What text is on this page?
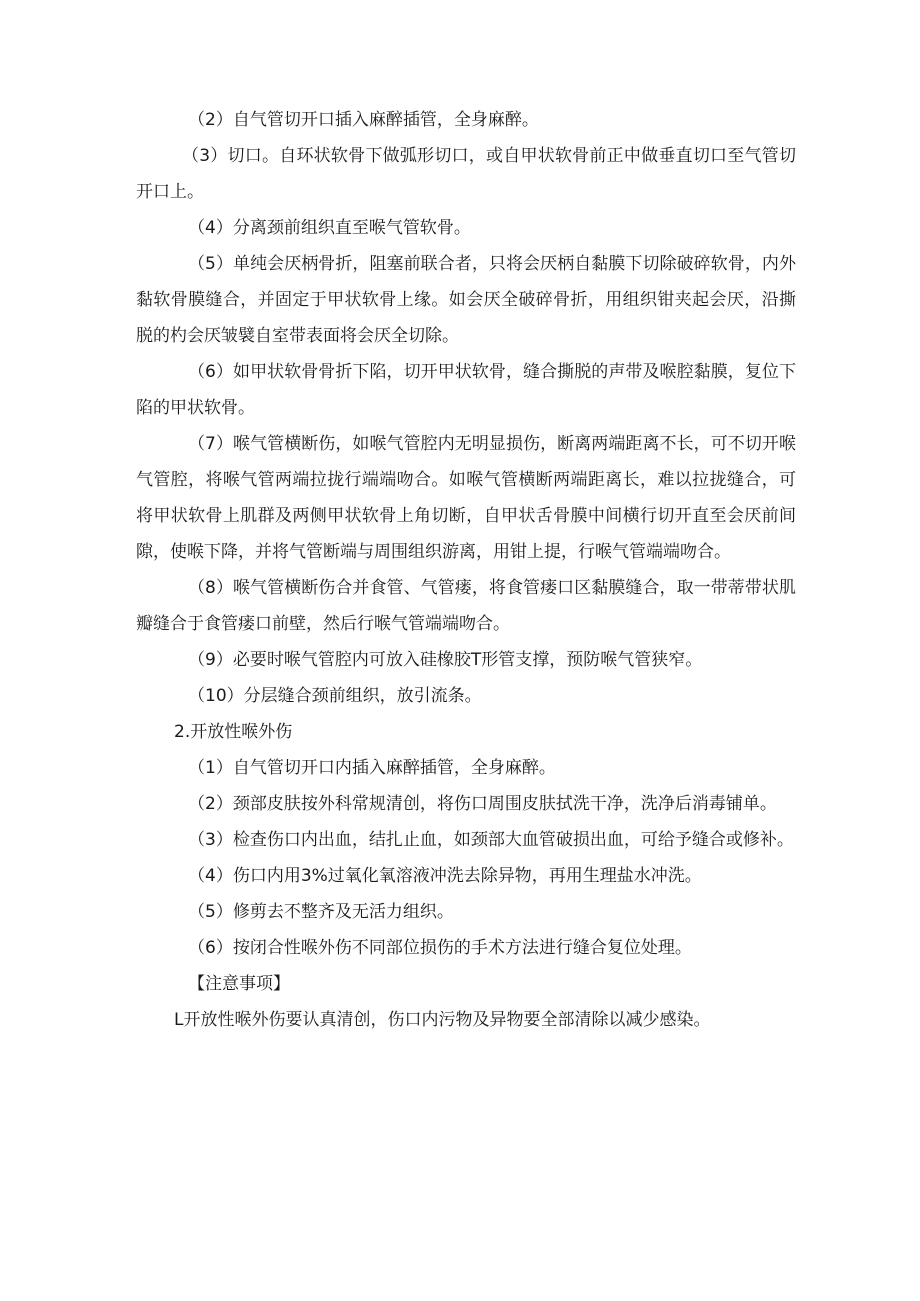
（2）自气管切开口插入麻醉插管，全身麻醉。

（3）切口。自环状软骨下做弧形切口，或自甲状软骨前正中做垂直切口至气管切开口上。

（4）分离颈前组织直至喉气管软骨。

（5）单纯会厌柄骨折，阻塞前联合者，只将会厌柄自黏膜下切除破碎软骨，内外黏软骨膜缝合，并固定于甲状软骨上缘。如会厌全破碎骨折，用组织钳夹起会厌，沿撕脱的杓会厌皱襞自室带表面将会厌全切除。

（6）如甲状软骨骨折下陷，切开甲状软骨，缝合撕脱的声带及喉腔黏膜，复位下陷的甲状软骨。

（7）喉气管横断伤，如喉气管腔内无明显损伤，断离两端距离不长，可不切开喉气管腔，将喉气管两端拉拢行端端吻合。如喉气管横断两端距离长，难以拉拢缝合，可将甲状软骨上肌群及两侧甲状软骨上角切断，自甲状舌骨膜中间横行切开直至会厌前间隙，使喉下降，并将气管断端与周围组织游离，用钳上提，行喉气管端端吻合。

（8）喉气管横断伤合并食管、气管瘘，将食管瘘口区黏膜缝合，取一带蒂带状肌瓣缝合于食管瘘口前壁，然后行喉气管端端吻合。

（9）必要时喉气管腔内可放入硅橡胶T形管支撑，预防喉气管狭窄。

（10）分层缝合颈前组织，放引流条。

2.开放性喉外伤

（1）自气管切开口内插入麻醉插管，全身麻醉。

（2）颈部皮肤按外科常规清创，将伤口周围皮肤拭洗干净，洗净后消毒铺单。

（3）检查伤口内出血，结扎止血，如颈部大血管破损出血，可给予缝合或修补。

（4）伤口内用3%过氧化氧溶液冲洗去除异物，再用生理盐水冲洗。

（5）修剪去不整齐及无活力组织。

（6）按闭合性喉外伤不同部位损伤的手术方法进行缝合复位处理。

【注意事项】

L开放性喉外伤要认真清创，伤口内污物及异物要全部清除以减少感染。
